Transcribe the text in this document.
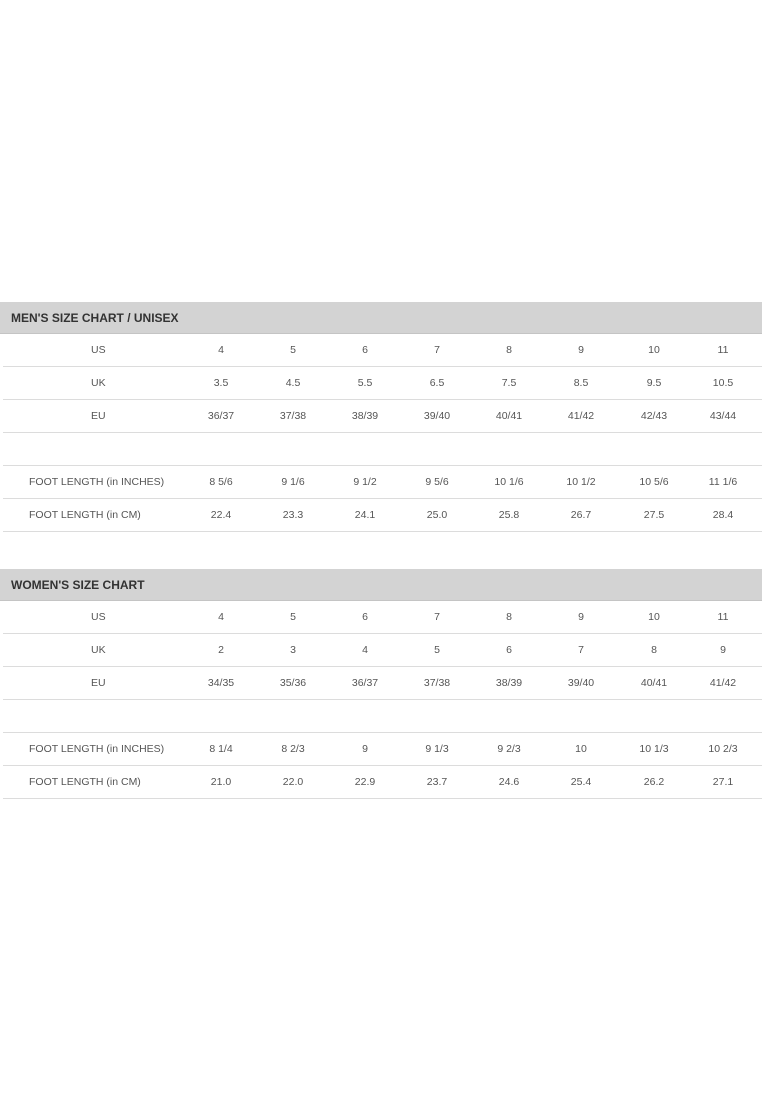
MEN'S SIZE CHART / UNISEX
US	4	5	6	7	8	9	10	11
UK	3.5	4.5	5.5	6.5	7.5	8.5	9.5	10.5
EU	36/37	37/38	38/39	39/40	40/41	41/42	42/43	43/44
FOOT LENGTH (in INCHES)	8 5/6	9 1/6	9 1/2	9 5/6	10 1/6	10 1/2	10 5/6	11 1/6
FOOT LENGTH (in CM)	22.4	23.3	24.1	25.0	25.8	26.7	27.5	28.4
WOMEN'S SIZE CHART
US	4	5	6	7	8	9	10	11
UK	2	3	4	5	6	7	8	9
EU	34/35	35/36	36/37	37/38	38/39	39/40	40/41	41/42
FOOT LENGTH (in INCHES)	8 1/4	8 2/3	9	9 1/3	9 2/3	10	10 1/3	10 2/3
FOOT LENGTH (in CM)	21.0	22.0	22.9	23.7	24.6	25.4	26.2	27.1
